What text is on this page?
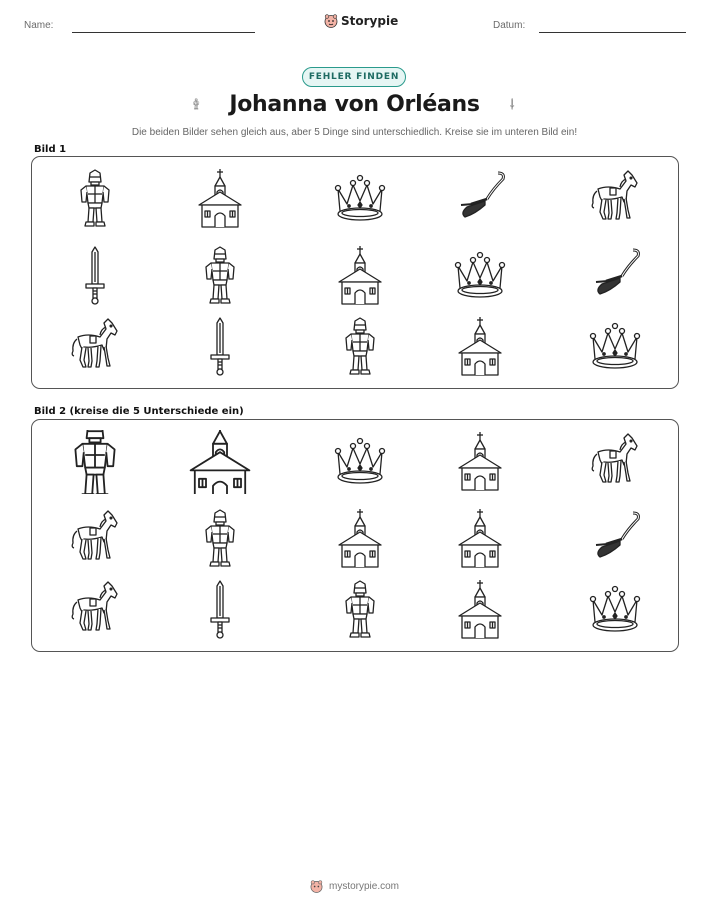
Name:	Storypie	Datum:
FEHLER FINDEN
Johanna von Orléans
Die beiden Bilder sehen gleich aus, aber 5 Dinge sind unterschiedlich. Kreise sie im unteren Bild ein!
Bild 1
Bild 2 (kreise die 5 Unterschiede ein)
mystorypie.com
